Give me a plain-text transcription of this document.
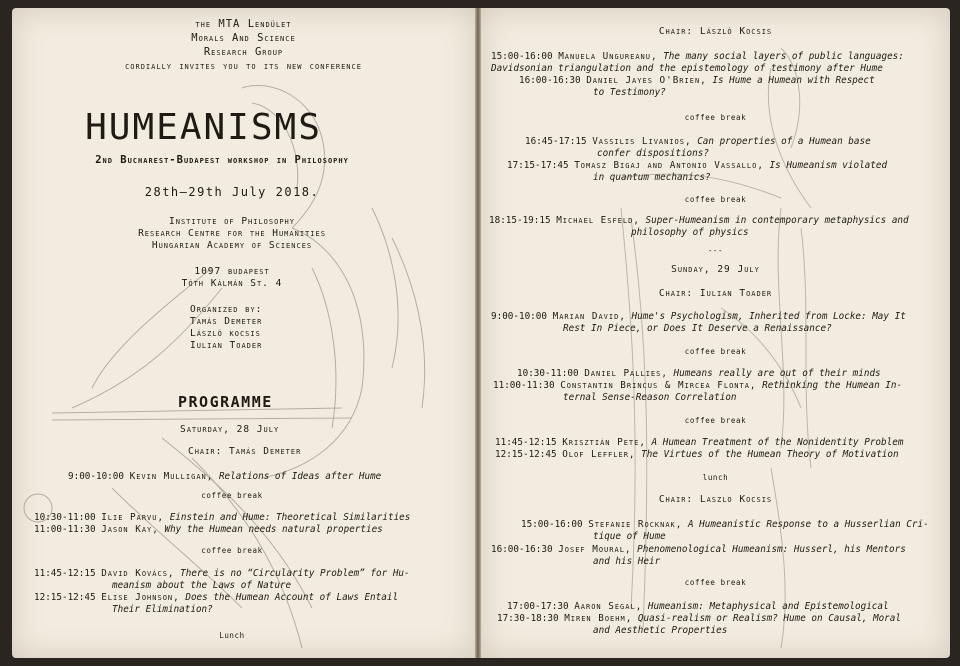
the MTA Lendület
Morals And Science
Research Group
cordially invites you to its new conference
HUMEANISMS
2nd Bucharest-Budapest workshop in Philosophy
28th–29th July 2018.
Institute of Philosophy
Research Centre for the Humanities
Hungarian Academy of Sciences
1097 budapest
Tóth Kálmán St. 4
Organized by:
Tamás Demeter
László kocsis
Iulian Toader
PROGRAMME
Saturday, 28 July
Chair: Tamás Demeter
9:00-10:00 Kevin Mulligan, Relations of Ideas after Hume
coffee break
10:30-11:00 Ilie Parvu, Einstein and Hume: Theoretical Similarities
11:00-11:30 Jason Kay, Why the Humean needs natural properties
coffee break
11:45-12:15 David Kovács, There is no “Circularity Problem” for Hu-
meanism about the Laws of Nature
12:15-12:45 Elise Johnson, Does the Humean Account of Laws Entail
Their Elimination?
Lunch
Chair: László Kocsis
15:00-16:00 Manuela Ungureanu, The many social layers of public languages:
Davidsonian triangulation and the epistemology of testimony after Hume
16:00-16:30 Daniel Jayes O'Brien, Is Hume a Humean with Respect
to Testimony?
coffee break
16:45-17:15 Vassilis Livanios, Can properties of a Humean base
confer dispositions?
17:15-17:45 Tomasz Bigaj and Antonio Vassallo, Is Humeanism violated
in quantum mechanics?
coffee break
18:15-19:15 Michael Esfeld, Super-Humeanism in contemporary metaphysics and
philosophy of physics
---
Sunday, 29 July
Chair: Iulian Toader
9:00-10:00 Marian David, Hume's Psychologism, Inherited from Locke: May It
Rest In Piece, or Does It Deserve a Renaissance?
coffee break
10:30-11:00 Daniel Pallies, Humeans really are out of their minds
11:00-11:30 Constantin Brincus & Mircea Flonta, Rethinking the Humean In-
ternal Sense-Reason Correlation
coffee break
11:45-12:15 Krisztián Pete, A Humean Treatment of the Nonidentity Problem
12:15-12:45 Olof Leffler, The Virtues of the Humean Theory of Motivation
lunch
Chair: Laszlo Kocsis
15:00-16:00 Stefanie Rocknak, A Humeanistic Response to a Husserlian Cri-
tique of Hume
16:00-16:30 Josef Moural, Phenomenological Humeanism: Husserl, his Mentors
and his Heir
coffee break
17:00-17:30 Aaron Segal, Humeanism: Metaphysical and Epistemological
17:30-18:30 Miren Boehm, Quasi-realism or Realism? Hume on Causal, Moral
and Aesthetic Properties
